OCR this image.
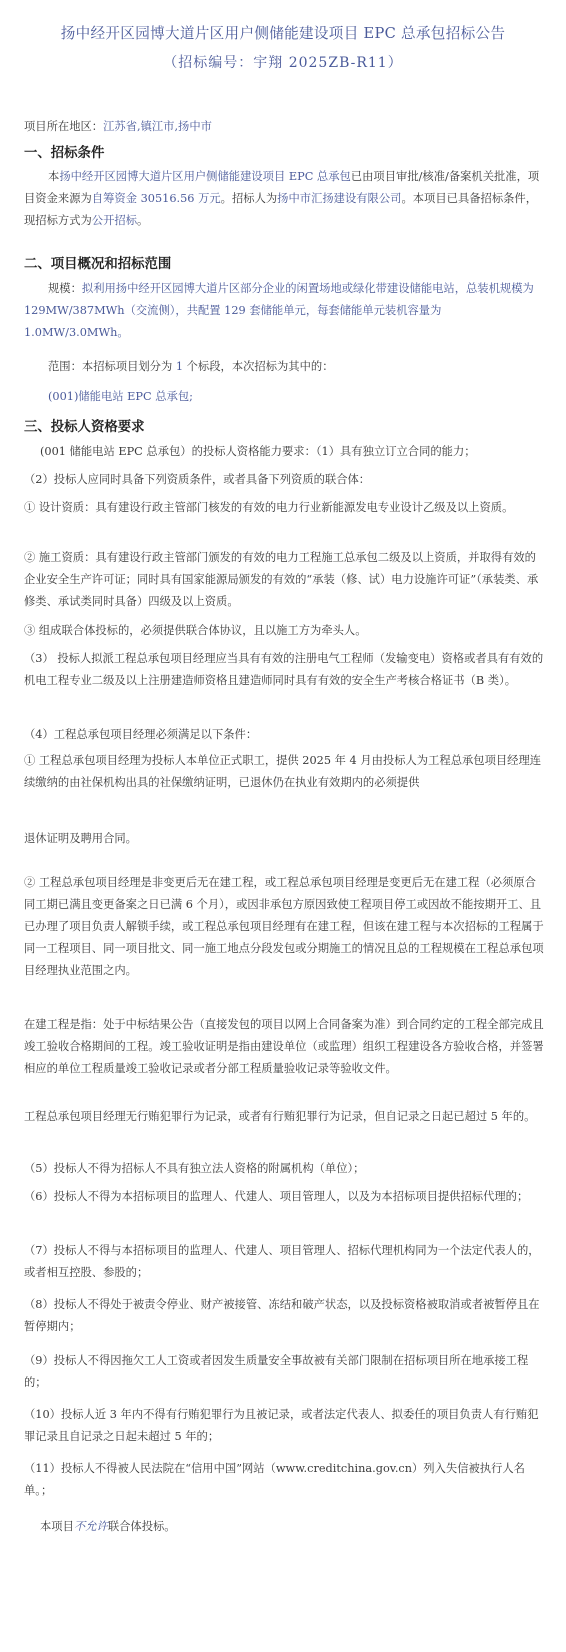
扬中经开区园博大道片区用户侧储能建设项目 EPC 总承包招标公告
（招标编号：宇翔 2025ZB-R11）
项目所在地区：江苏省,镇江市,扬中市
一、招标条件
本扬中经开区园博大道片区用户侧储能建设项目 EPC 总承包已由项目审批/核准/备案机关批准，项目资金来源为自筹资金 30516.56 万元。招标人为扬中市汇扬建设有限公司。本项目已具备招标条件，现招标方式为公开招标。
二、项目概况和招标范围
规模：拟利用扬中经开区园博大道片区部分企业的闲置场地或绿化带建设储能电站，总装机规模为 129MW/387MWh（交流侧），共配置 129 套储能单元，每套储能单元装机容量为 1.0MW/3.0MWh。
范围：本招标项目划分为 1 个标段，本次招标为其中的：
(001)储能电站 EPC 总承包;
三、投标人资格要求
(001 储能电站 EPC 总承包）的投标人资格能力要求：（1）具有独立订立合同的能力；
（2）投标人应同时具备下列资质条件，或者具备下列资质的联合体：
① 设计资质：具有建设行政主管部门核发的有效的电力行业新能源发电专业设计乙级及以上资质。
② 施工资质：具有建设行政主管部门颁发的有效的电力工程施工总承包二级及以上资质，并取得有效的企业安全生产许可证；同时具有国家能源局颁发的有效的“承装（修、试）电力设施许可证”（承装类、承修类、承试类同时具备）四级及以上资质。
③ 组成联合体投标的，必须提供联合体协议，且以施工方为牵头人。
（3） 投标人拟派工程总承包项目经理应当具有有效的注册电气工程师（发输变电）资格或者具有有效的机电工程专业二级及以上注册建造师资格且建造师同时具有有效的安全生产考核合格证书（B 类）。
（4）工程总承包项目经理必须满足以下条件：
① 工程总承包项目经理为投标人本单位正式职工，提供 2025 年 4 月由投标人为工程总承包项目经理连续缴纳的由社保机构出具的社保缴纳证明，已退休仍在执业有效期内的必须提供
退休证明及聘用合同。
② 工程总承包项目经理是非变更后无在建工程，或工程总承包项目经理是变更后无在建工程（必须原合同工期已满且变更备案之日已满 6 个月），或因非承包方原因致使工程项目停工或因故不能按期开工、且已办理了项目负责人解锁手续，或工程总承包项目经理有在建工程，但该在建工程与本次招标的工程属于同一工程项目、同一项目批文、同一施工地点分段发包或分期施工的情况且总的工程规模在工程总承包项目经理执业范围之内。
在建工程是指：处于中标结果公告（直接发包的项目以网上合同备案为准）到合同约定的工程全部完成且竣工验收合格期间的工程。竣工验收证明是指由建设单位（或监理）组织工程建设各方验收合格，并签署相应的单位工程质量竣工验收记录或者分部工程质量验收记录等验收文件。
工程总承包项目经理无行贿犯罪行为记录，或者有行贿犯罪行为记录，但自记录之日起已超过 5 年的。
（5）投标人不得为招标人不具有独立法人资格的附属机构（单位）；
（6）投标人不得为本招标项目的监理人、代建人、项目管理人，以及为本招标项目提供招标代理的；
（7）投标人不得与本招标项目的监理人、代建人、项目管理人、招标代理机构同为一个法定代表人的，或者相互控股、参股的；
（8）投标人不得处于被责令停业、财产被接管、冻结和破产状态，以及投标资格被取消或者被暂停且在暂停期内；
（9）投标人不得因拖欠工人工资或者因发生质量安全事故被有关部门限制在招标项目所在地承接工程的；
（10）投标人近 3 年内不得有行贿犯罪行为且被记录，或者法定代表人、拟委任的项目负责人有行贿犯罪记录且自记录之日起未超过 5 年的；
（11）投标人不得被人民法院在“信用中国”网站（www.creditchina.gov.cn）列入失信被执行人名单。；
本项目不允许联合体投标。
